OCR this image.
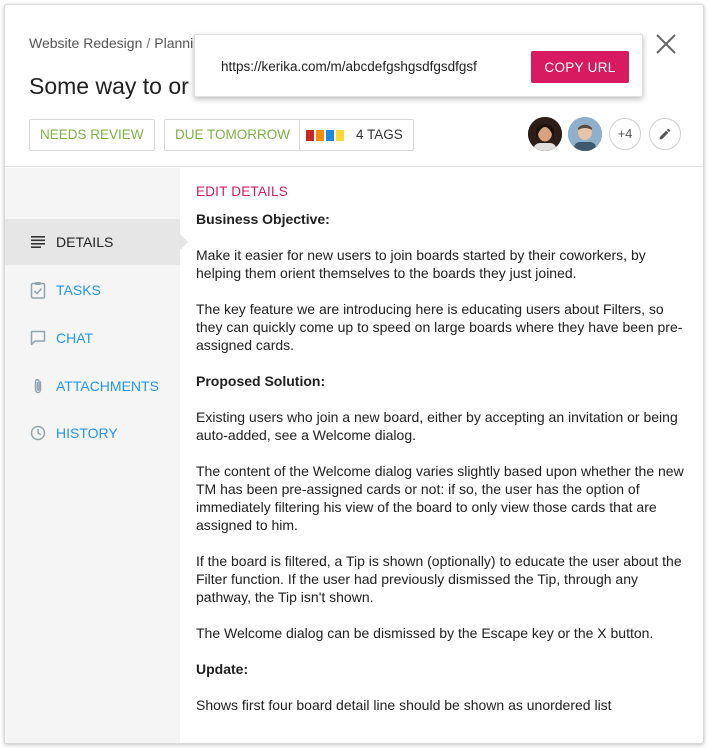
Website Redesign / Planni
Some way to or
NEEDS REVIEW	DUE TOMORROW	4 TAGS	+4
DETAILS
TASKS
CHAT
ATTACHMENTS
HISTORY
EDIT DETAILS
Business Objective:

Make it easier for new users to join boards started by their coworkers, by helping them orient themselves to the boards they just joined.

The key feature we are introducing here is educating users about Filters, so they can quickly come up to speed on large boards where they have been pre-assigned cards.

Proposed Solution:

Existing users who join a new board, either by accepting an invitation or being auto-added, see a Welcome dialog.

The content of the Welcome dialog varies slightly based upon whether the new TM has been pre-assigned cards or not: if so, the user has the option of immediately filtering his view of the board to only view those cards that are assigned to him.

If the board is filtered, a Tip is shown (optionally) to educate the user about the Filter function. If the user had previously dismissed the Tip, through any pathway, the Tip isn't shown.

The Welcome dialog can be dismissed by the Escape key or the X button.

Update:

Shows first four board detail line should be shown as unordered list

https://kerika.com/m/abcdefgshgsdfgsdfgsf	COPY URL
